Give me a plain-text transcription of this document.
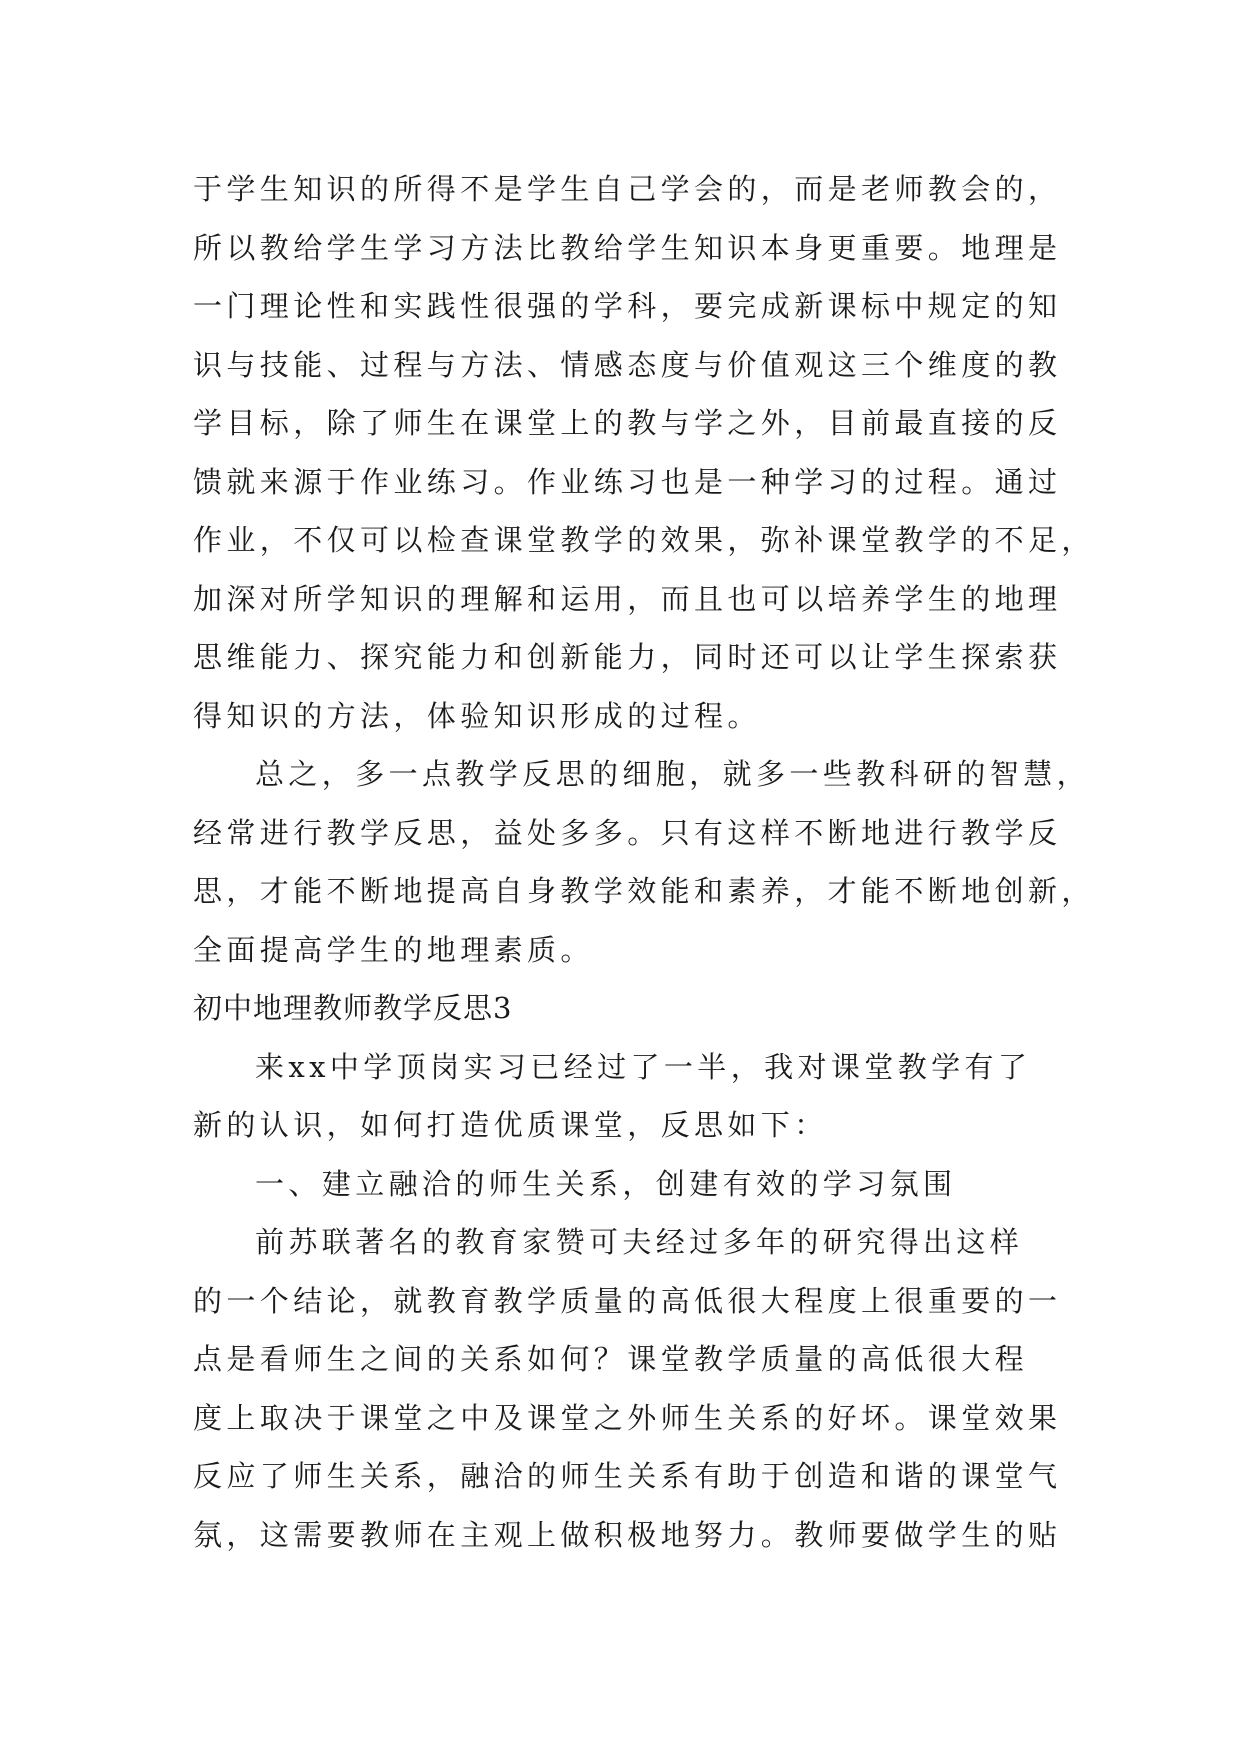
于学生知识的所得不是学生自己学会的，而是老师教会的，
所以教给学生学习方法比教给学生知识本身更重要。地理是
一门理论性和实践性很强的学科，要完成新课标中规定的知
识与技能、过程与方法、情感态度与价值观这三个维度的教
学目标，除了师生在课堂上的教与学之外，目前最直接的反
馈就来源于作业练习。作业练习也是一种学习的过程。通过
作业，不仅可以检查课堂教学的效果，弥补课堂教学的不足，
加深对所学知识的理解和运用，而且也可以培养学生的地理
思维能力、探究能力和创新能力，同时还可以让学生探索获
得知识的方法，体验知识形成的过程。
总之，多一点教学反思的细胞，就多一些教科研的智慧，
经常进行教学反思，益处多多。只有这样不断地进行教学反
思，才能不断地提高自身教学效能和素养，才能不断地创新，
全面提高学生的地理素质。
初中地理教师教学反思3
来xx中学顶岗实习已经过了一半，我对课堂教学有了
新的认识，如何打造优质课堂，反思如下：
一、建立融洽的师生关系，创建有效的学习氛围
前苏联著名的教育家赞可夫经过多年的研究得出这样
的一个结论，就教育教学质量的高低很大程度上很重要的一
点是看师生之间的关系如何？课堂教学质量的高低很大程
度上取决于课堂之中及课堂之外师生关系的好坏。课堂效果
反应了师生关系，融洽的师生关系有助于创造和谐的课堂气
氛，这需要教师在主观上做积极地努力。教师要做学生的贴
